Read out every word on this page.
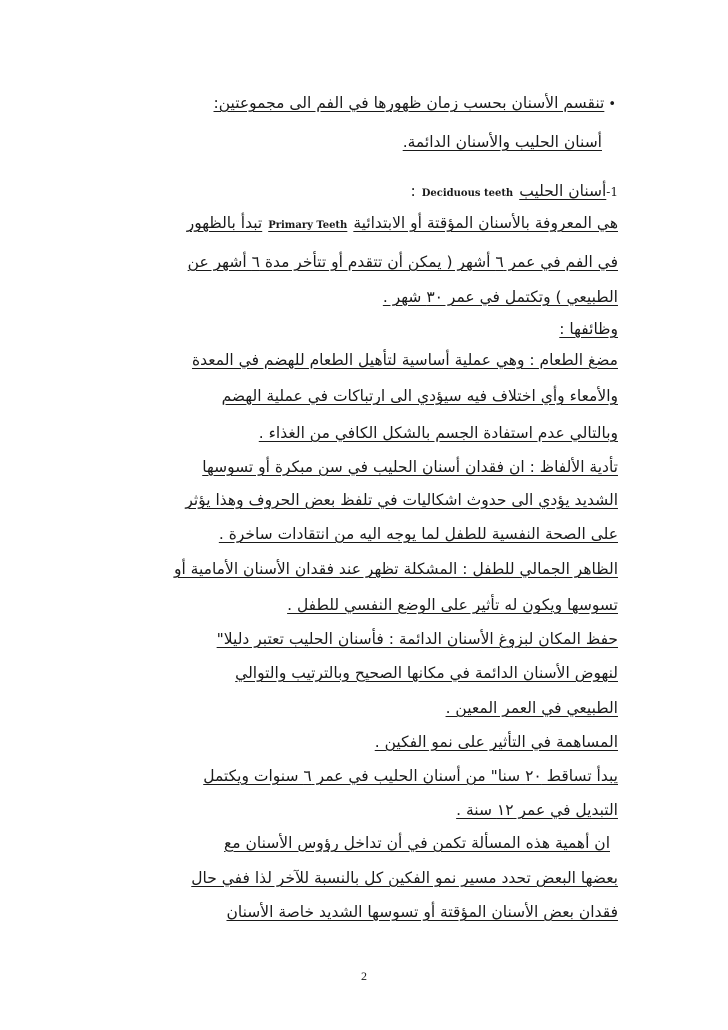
•تنقسم الأسنان بحسب زمان ظهورها في الفم الى مجموعتين:
أسنان الحليب والأسنان الدائمة.
1-أسنان الحليبDeciduous teeth:
هي المعروفة بالأسنان المؤقتة أو الابتدائيةPrimary Teethتبدأ بالظهور
في الفم في عمر ٦ أشهر ( يمكن أن تتقدم أو تتأخر مدة ٦ أشهر عن
الطبيعي ) وتكتمل في عمر ٣٠ شهر .
وظائفها :
مضغ الطعام : وهي عملية أساسية لتأهيل الطعام للهضم في المعدة
والأمعاء وأي اختلاف فيه سيؤدي الى ارتباكات في عملية الهضم
وبالتالي عدم استفادة الجسم بالشكل الكافي من الغذاء .
تأدية الألفاظ : ان فقدان أسنان الحليب في سن مبكرة أو تسوسها
الشديد يؤدي الى حدوث اشكاليات في تلفظ بعض الحروف وهذا يؤثر
على الصحة النفسية للطفل لما يوجه اليه من انتقادات ساخرة .
الظاهر الجمالي للطفل : المشكلة تظهر عند فقدان الأسنان الأمامية أو
تسوسها ويكون له تأثير على الوضع النفسي للطفل .
حفظ المكان لبزوغ الأسنان الدائمة : فأسنان الحليب تعتبر دليلا"
لنهوض الأسنان الدائمة في مكانها الصحيح وبالترتيب والتوالي
الطبيعي في العمر المعين .
المساهمة في التأثير على نمو الفكين .
يبدأ تساقط ٢٠ سنا" من أسنان الحليب في عمر ٦ سنوات ويكتمل
التبديل في عمر ١٢ سنة .
ان أهمية هذه المسألة تكمن في أن تداخل رؤوس الأسنان مع
بعضها البعض تحدد مسير نمو الفكين كل بالنسبة للآخر لذا ففي حال
فقدان بعض الأسنان المؤقتة أو تسوسها الشديد خاصة الأسنان
2
